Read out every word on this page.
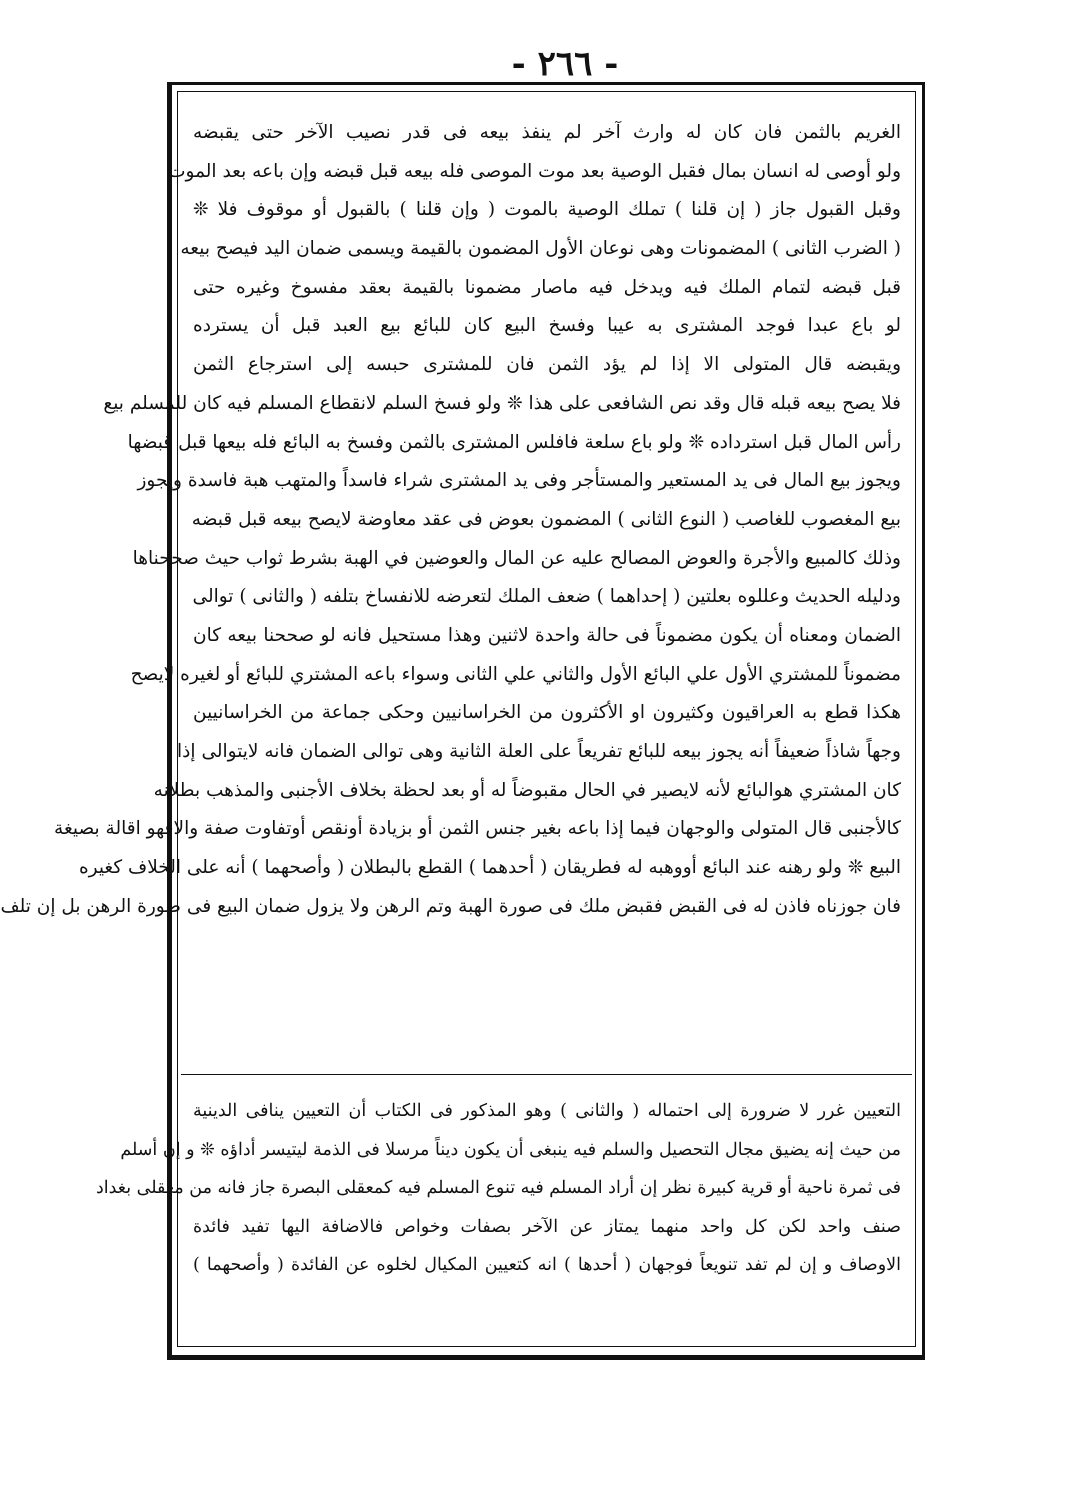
- ٢٦٦ -
الغريم بالثمن فان كان له وارث آخر لم ينفذ بيعه فى قدر نصيب الآخر حتى يقبضه
ولو أوصى له انسان بمال فقبل الوصية بعد موت الموصى فله بيعه قبل قبضه وإن باعه بعد الموت
وقبل القبول جاز ( إن قلنا ) تملك الوصية بالموت ( وإن قلنا ) بالقبول أو موقوف فلا ❊
( الضرب الثانى ) المضمونات وهى نوعان الأول المضمون بالقيمة ويسمى ضمان اليد فيصح بيعه
قبل قبضه لتمام الملك فيه ويدخل فيه ماصار مضمونا بالقيمة بعقد مفسوخ وغيره حتى
لو باع عبدا فوجد المشترى به عيبا وفسخ البيع كان للبائع بيع العبد قبل أن يسترده
ويقبضه قال المتولى الا إذا لم يؤد الثمن فان للمشترى حبسه إلى استرجاع الثمن
فلا يصح بيعه قبله قال وقد نص الشافعى على هذا ❊ ولو فسخ السلم لانقطاع المسلم فيه كان للمسلم بيع
رأس المال قبل استرداده ❊ ولو باع سلعة فافلس المشترى بالثمن وفسخ به البائع فله بيعها قبل قبضها
ويجوز بيع المال فى يد المستعير والمستأجر وفى يد المشترى شراء فاسداً والمتهب هبة فاسدة ويجوز
بيع المغصوب للغاصب ( النوع الثانى ) المضمون بعوض فى عقد معاوضة لايصح بيعه قبل قبضه
وذلك كالمبيع والأجرة والعوض المصالح عليه عن المال والعوضين في الهبة بشرط ثواب حيث صححناها
ودليله الحديث وعللوه بعلتين ( إحداهما ) ضعف الملك لتعرضه للانفساخ بتلفه ( والثانى ) توالى
الضمان ومعناه أن يكون مضموناً فى حالة واحدة لاثنين وهذا مستحيل فانه لو صححنا بيعه كان
مضموناً للمشتري الأول علي البائع الأول والثاني علي الثانى وسواء باعه المشتري للبائع أو لغيره لايصح
هكذا قطع به العراقيون وكثيرون او الأكثرون من الخراسانيين وحكى جماعة من الخراسانيين
وجهاً شاذاً ضعيفاً أنه يجوز بيعه للبائع تفريعاً على العلة الثانية وهى توالى الضمان فانه لايتوالى إذا
كان المشتري هوالبائع لأنه لايصير في الحال مقبوضاً له أو بعد لحظة بخلاف الأجنبى والمذهب بطلانه
كالأجنبى قال المتولى والوجهان فيما إذا باعه بغير جنس الثمن أو بزيادة أونقص أوتفاوت صفة والافهو اقالة بصيغة
البيع ❊ ولو رهنه عند البائع أووهبه له فطريقان ( أحدهما ) القطع بالبطلان ( وأصحهما ) أنه على الخلاف كغيره
فان جوزناه فاذن له فى القبض فقبض ملك فى صورة الهبة وتم الرهن ولا يزول ضمان البيع فى صورة الرهن بل إن تلف
التعيين غرر لا ضرورة إلى احتماله ( والثانى ) وهو المذكور فى الكتاب أن التعيين ينافى الدينية
من حيث إنه يضيق مجال التحصيل والسلم فيه ينبغى أن يكون ديناً مرسلا فى الذمة ليتيسر أداؤه ❊ و إن أسلم
فى ثمرة ناحية أو قرية كبيرة نظر إن أراد المسلم فيه تنوع المسلم فيه كمعقلى البصرة جاز فانه من معقلى بغداد
صنف واحد لكن كل واحد منهما يمتاز عن الآخر بصفات وخواص فالاضافة اليها تفيد فائدة
الاوصاف و إن لم تفد تنويعاً فوجهان ( أحدها ) انه كتعيين المكيال لخلوه عن الفائدة ( وأصحهما )
